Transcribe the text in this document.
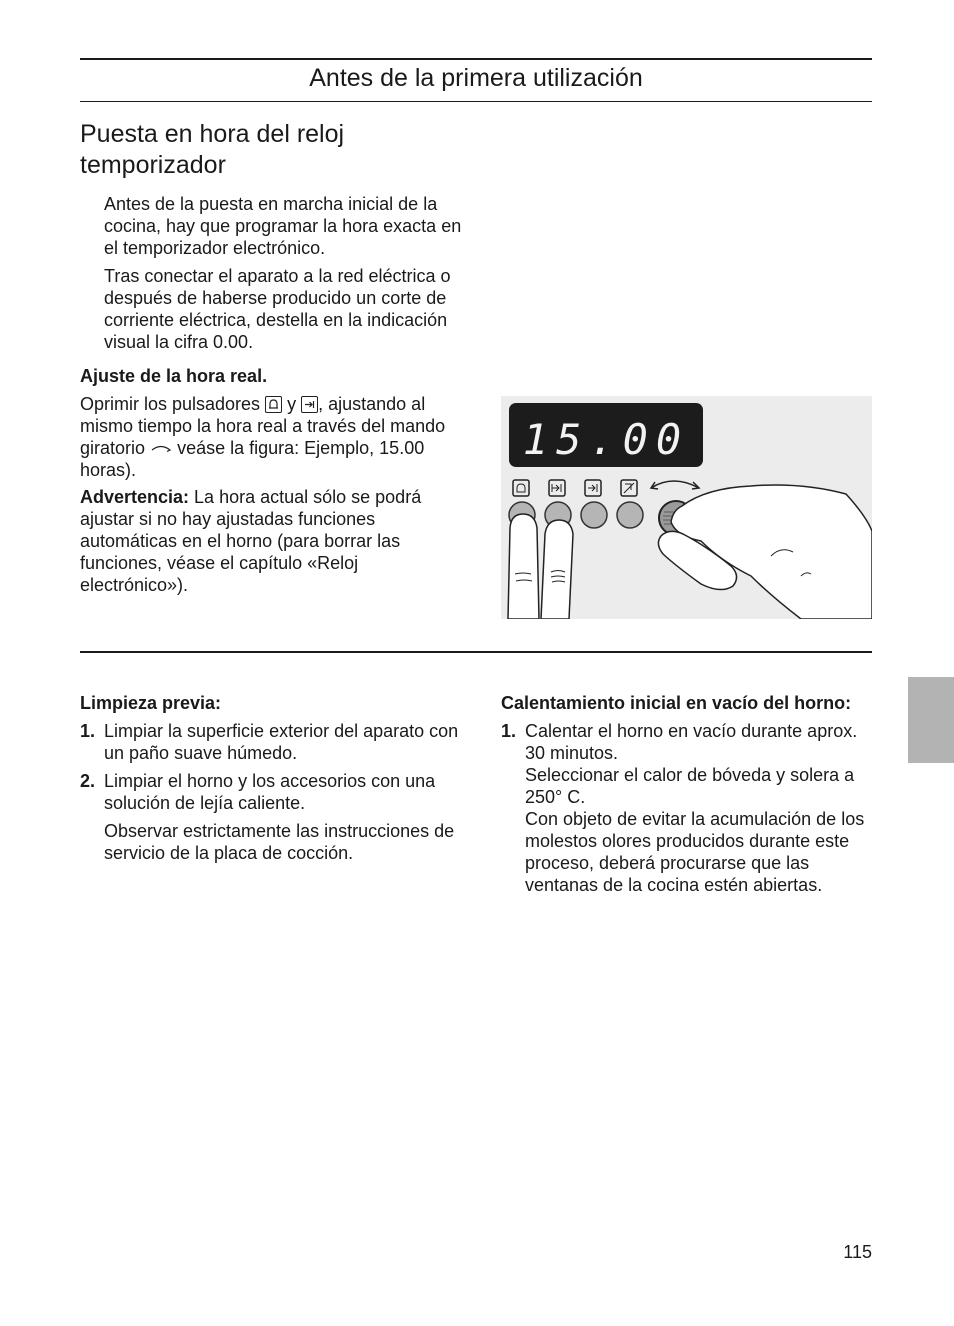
Antes de la primera utilización
Puesta en hora del reloj temporizador

Antes de la puesta en marcha inicial de la cocina, hay que programar la hora exacta en el temporizador electrónico.

Tras conectar el aparato a la red eléctrica o después de haberse producido un corte de corriente eléctrica, destella en la indicación visual la cifra 0.00.

Ajuste de la hora real.

Oprimir los pulsadores y , ajustando al mismo tiempo la hora real a través del mando giratorio veáse la figura: Ejemplo, 15.00 horas).

Advertencia: La hora actual sólo se podrá ajustar si no hay ajustadas funciones automáticas en el horno (para borrar las funciones, véase el capítulo «Reloj electrónico»).

15.00

Limpieza previa:

1. Limpiar la superficie exterior del aparato con un paño suave húmedo.
2. Limpiar el horno y los accesorios con una solución de lejía caliente.

Observar estrictamente las instrucciones de servicio de la placa de cocción.

Calentamiento inicial en vacío del horno:

1. Calentar el horno en vacío durante aprox. 30 minutos.
Seleccionar el calor de bóveda y solera a 250° C.
Con objeto de evitar la acumulación de los molestos olores producidos durante este proceso, deberá procurarse que las ventanas de la cocina estén abiertas.
115
